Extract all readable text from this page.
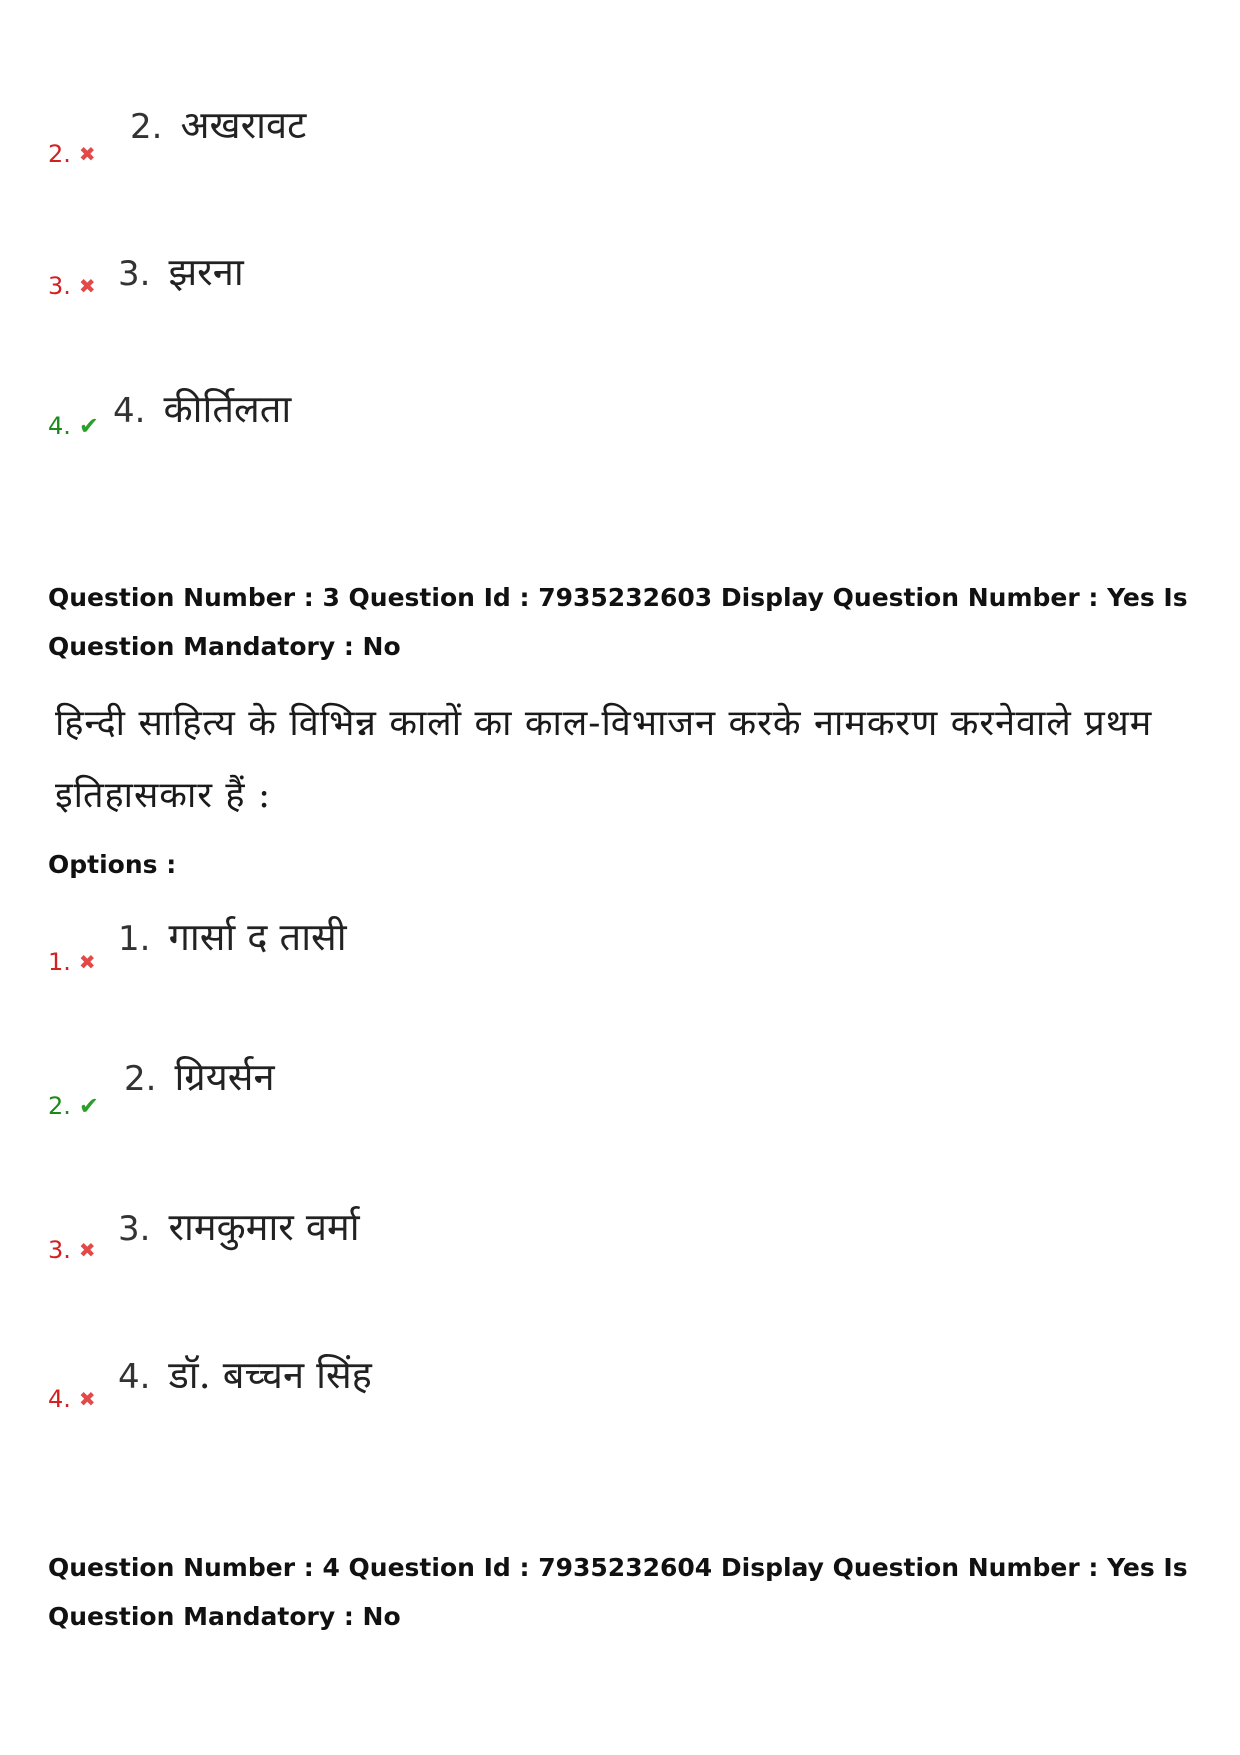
2. ✖
2. अखरावट
3. ✖ 3. झरना
4. ✔ 4. कीर्तिलता
Question Number : 3 Question Id : 7935232603 Display Question Number : Yes Is Question Mandatory : No
हिन्दी साहित्य के विभिन्न कालों का काल-विभाजन करके नामकरण करनेवाले प्रथम इतिहासकार हैं :
Options :
1. ✖
1. गार्सा द तासी
2. ✔
2. ग्रियर्सन
3. ✖
3. रामकुमार वर्मा
4. ✖
4. डॉ. बच्चन सिंह
Question Number : 4 Question Id : 7935232604 Display Question Number : Yes Is Question Mandatory : No
